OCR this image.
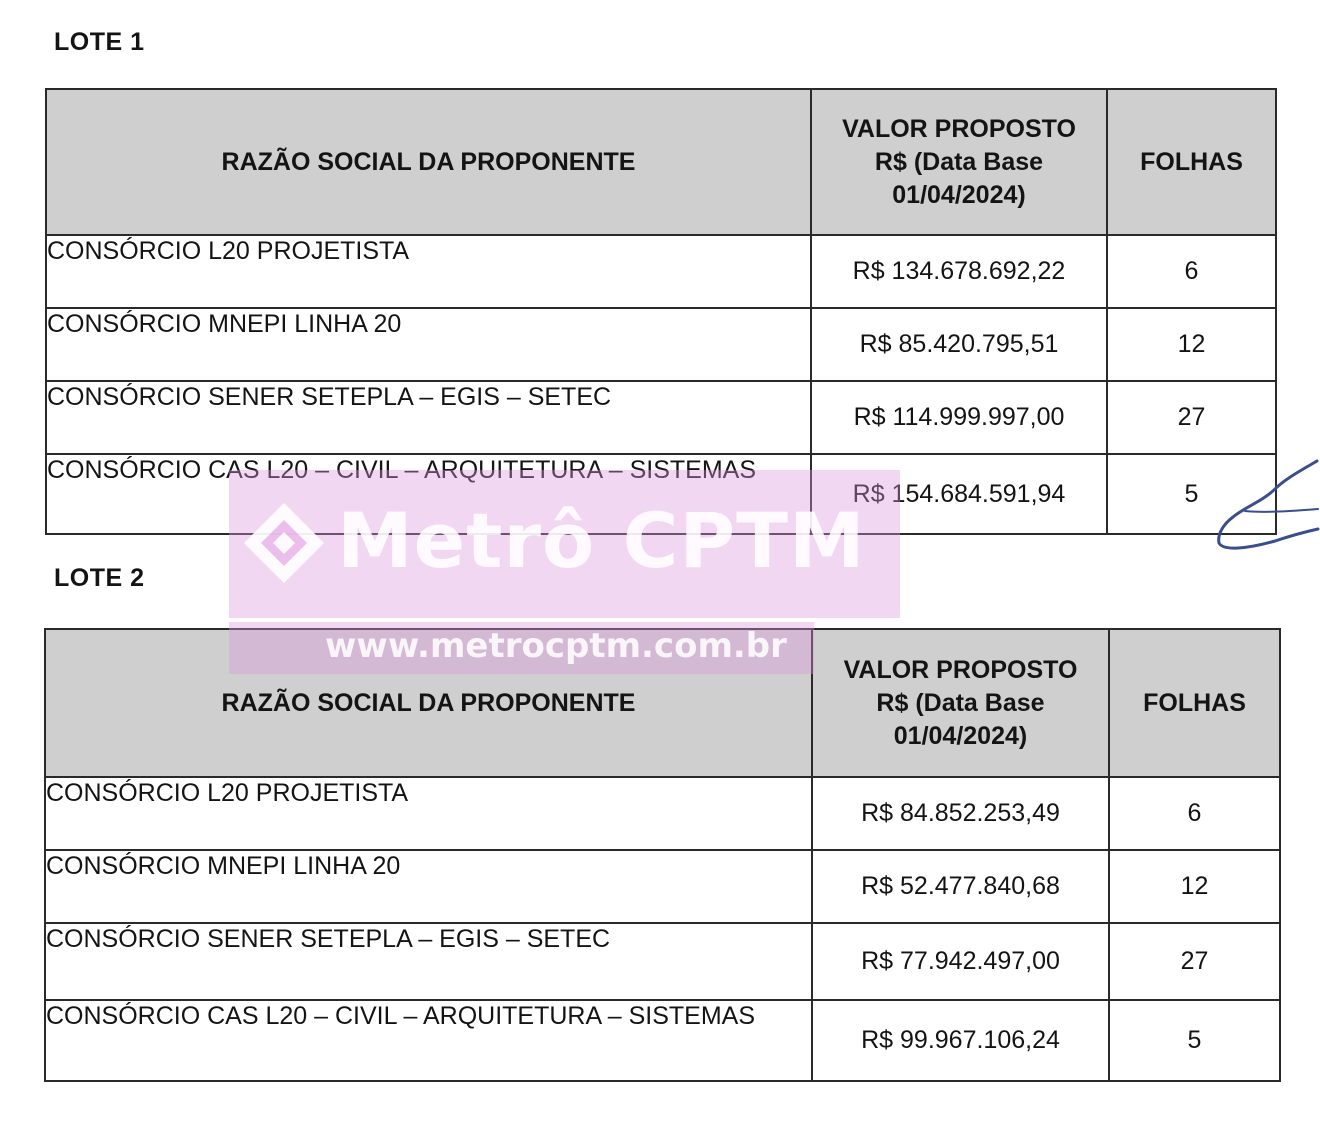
LOTE 1
RAZÃO SOCIAL DA PROPONENTE	VALOR PROPOSTO
R$ (Data Base
01/04/2024)	FOLHAS
CONSÓRCIO L20 PROJETISTA	R$ 134.678.692,22	6
CONSÓRCIO MNEPI LINHA 20	R$ 85.420.795,51	12
CONSÓRCIO SENER SETEPLA – EGIS – SETEC	R$ 114.999.997,00	27
CONSÓRCIO CAS L20 – CIVIL – ARQUITETURA – SISTEMAS	R$ 154.684.591,94	5
LOTE 2
RAZÃO SOCIAL DA PROPONENTE	VALOR PROPOSTO
R$ (Data Base
01/04/2024)	FOLHAS
CONSÓRCIO L20 PROJETISTA	R$ 84.852.253,49	6
CONSÓRCIO MNEPI LINHA 20	R$ 52.477.840,68	12
CONSÓRCIO SENER SETEPLA – EGIS – SETEC	R$ 77.942.497,00	27
CONSÓRCIO CAS L20 – CIVIL – ARQUITETURA – SISTEMAS	R$ 99.967.106,24	5
Metrô CPTM
www.metrocptm.com.br
